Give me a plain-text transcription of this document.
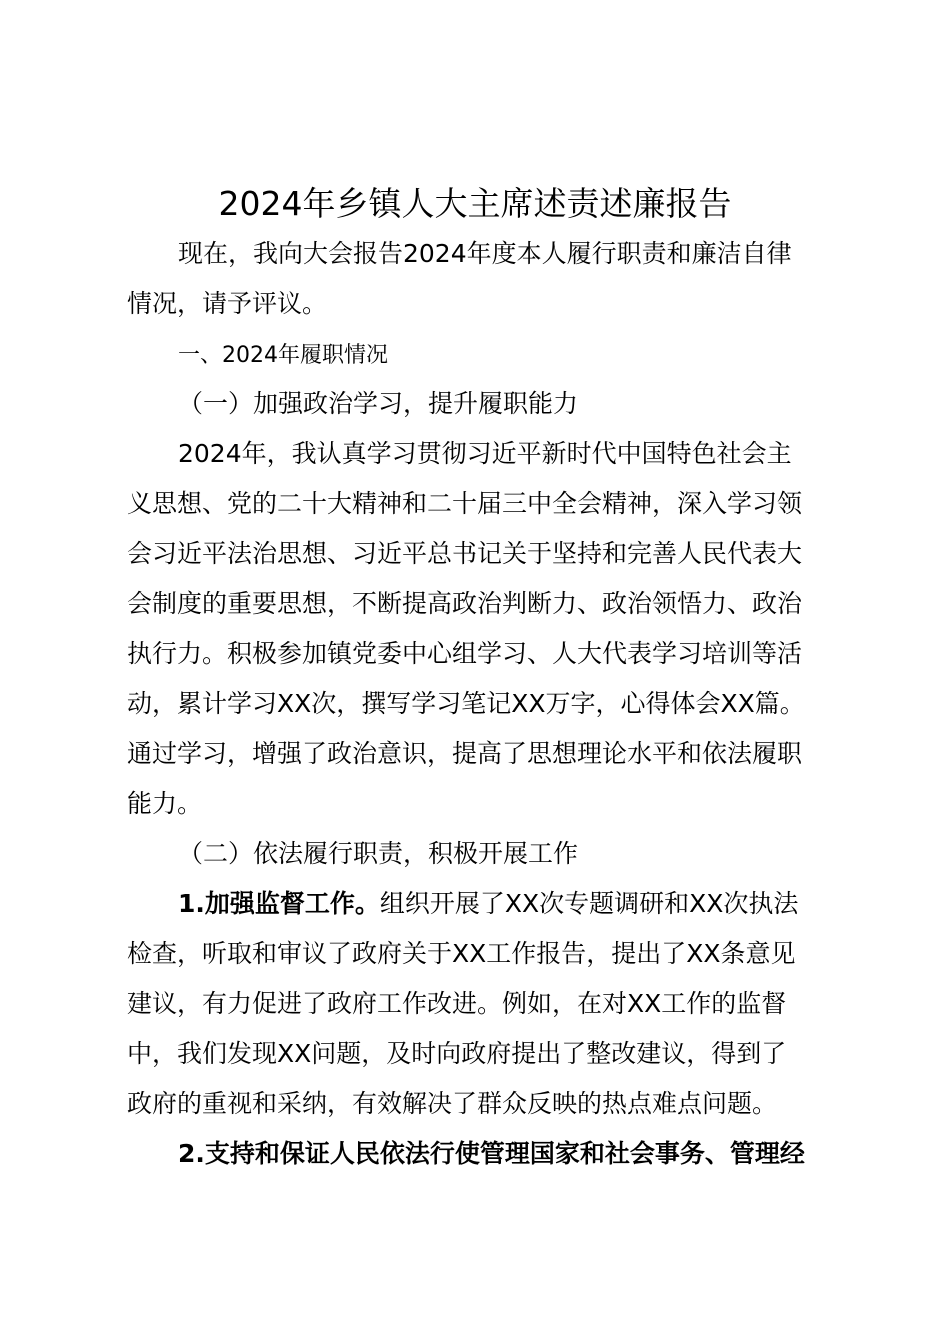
2024年乡镇人大主席述责述廉报告

现在，我向大会报告2024年度本人履行职责和廉洁自律

情况，请予评议。

一、2024年履职情况

（一）加强政治学习，提升履职能力

2024年，我认真学习贯彻习近平新时代中国特色社会主

义思想、党的二十大精神和二十届三中全会精神，深入学习领

会习近平法治思想、习近平总书记关于坚持和完善人民代表大

会制度的重要思想，不断提高政治判断力、政治领悟力、政治

执行力。积极参加镇党委中心组学习、人大代表学习培训等活

动，累计学习XX次，撰写学习笔记XX万字，心得体会XX篇。

通过学习，增强了政治意识，提高了思想理论水平和依法履职

能力。

（二）依法履行职责，积极开展工作

1.加强监督工作。组织开展了XX次专题调研和XX次执法

检查，听取和审议了政府关于XX工作报告，提出了XX条意见

建议，有力促进了政府工作改进。例如，在对XX工作的监督

中，我们发现XX问题，及时向政府提出了整改建议，得到了

政府的重视和采纳，有效解决了群众反映的热点难点问题。

2.支持和保证人民依法行使管理国家和社会事务、管理经
